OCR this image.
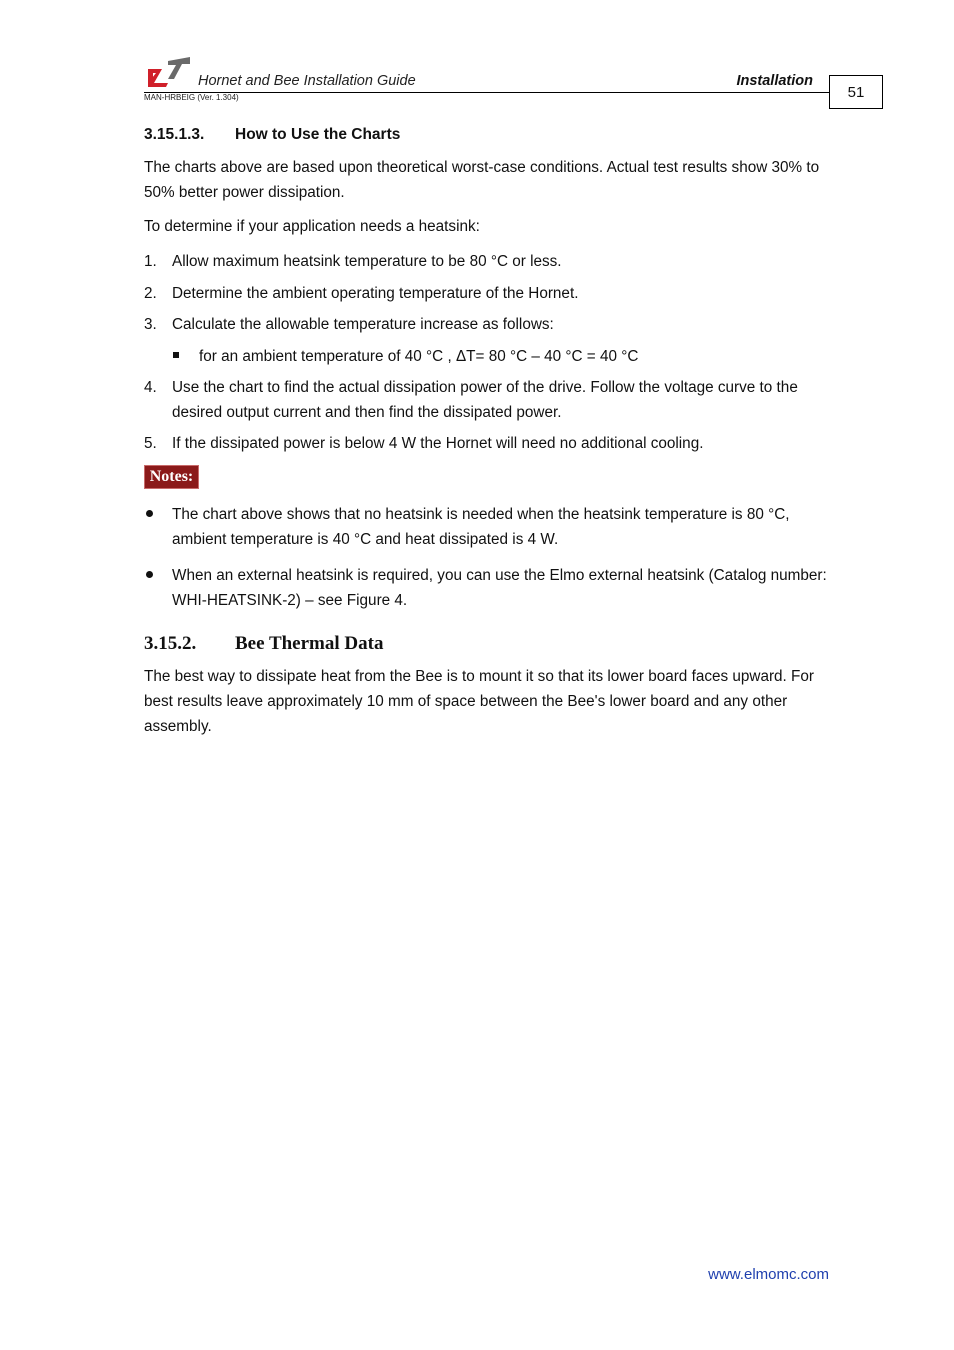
Hornet and Bee Installation Guide	Installation
MAN-HRBEIG (Ver. 1.304)	51
3.15.1.3. How to Use the Charts
The charts above are based upon theoretical worst-case conditions. Actual test results show 30% to 50% better power dissipation.
To determine if your application needs a heatsink:
1. Allow maximum heatsink temperature to be 80 °C or less.
2. Determine the ambient operating temperature of the Hornet.
3. Calculate the allowable temperature increase as follows:
for an ambient temperature of 40 °C , ΔT= 80 °C – 40 °C = 40 °C
4. Use the chart to find the actual dissipation power of the drive. Follow the voltage curve to the desired output current and then find the dissipated power.
5. If the dissipated power is below 4 W the Hornet will need no additional cooling.
Notes:
The chart above shows that no heatsink is needed when the heatsink temperature is 80 °C, ambient temperature is 40 °C and heat dissipated is 4 W.
When an external heatsink is required, you can use the Elmo external heatsink (Catalog number: WHI-HEATSINK-2) – see Figure 4.
3.15.2. Bee Thermal Data
The best way to dissipate heat from the Bee is to mount it so that its lower board faces upward. For best results leave approximately 10 mm of space between the Bee's lower board and any other assembly.
www.elmomc.com
